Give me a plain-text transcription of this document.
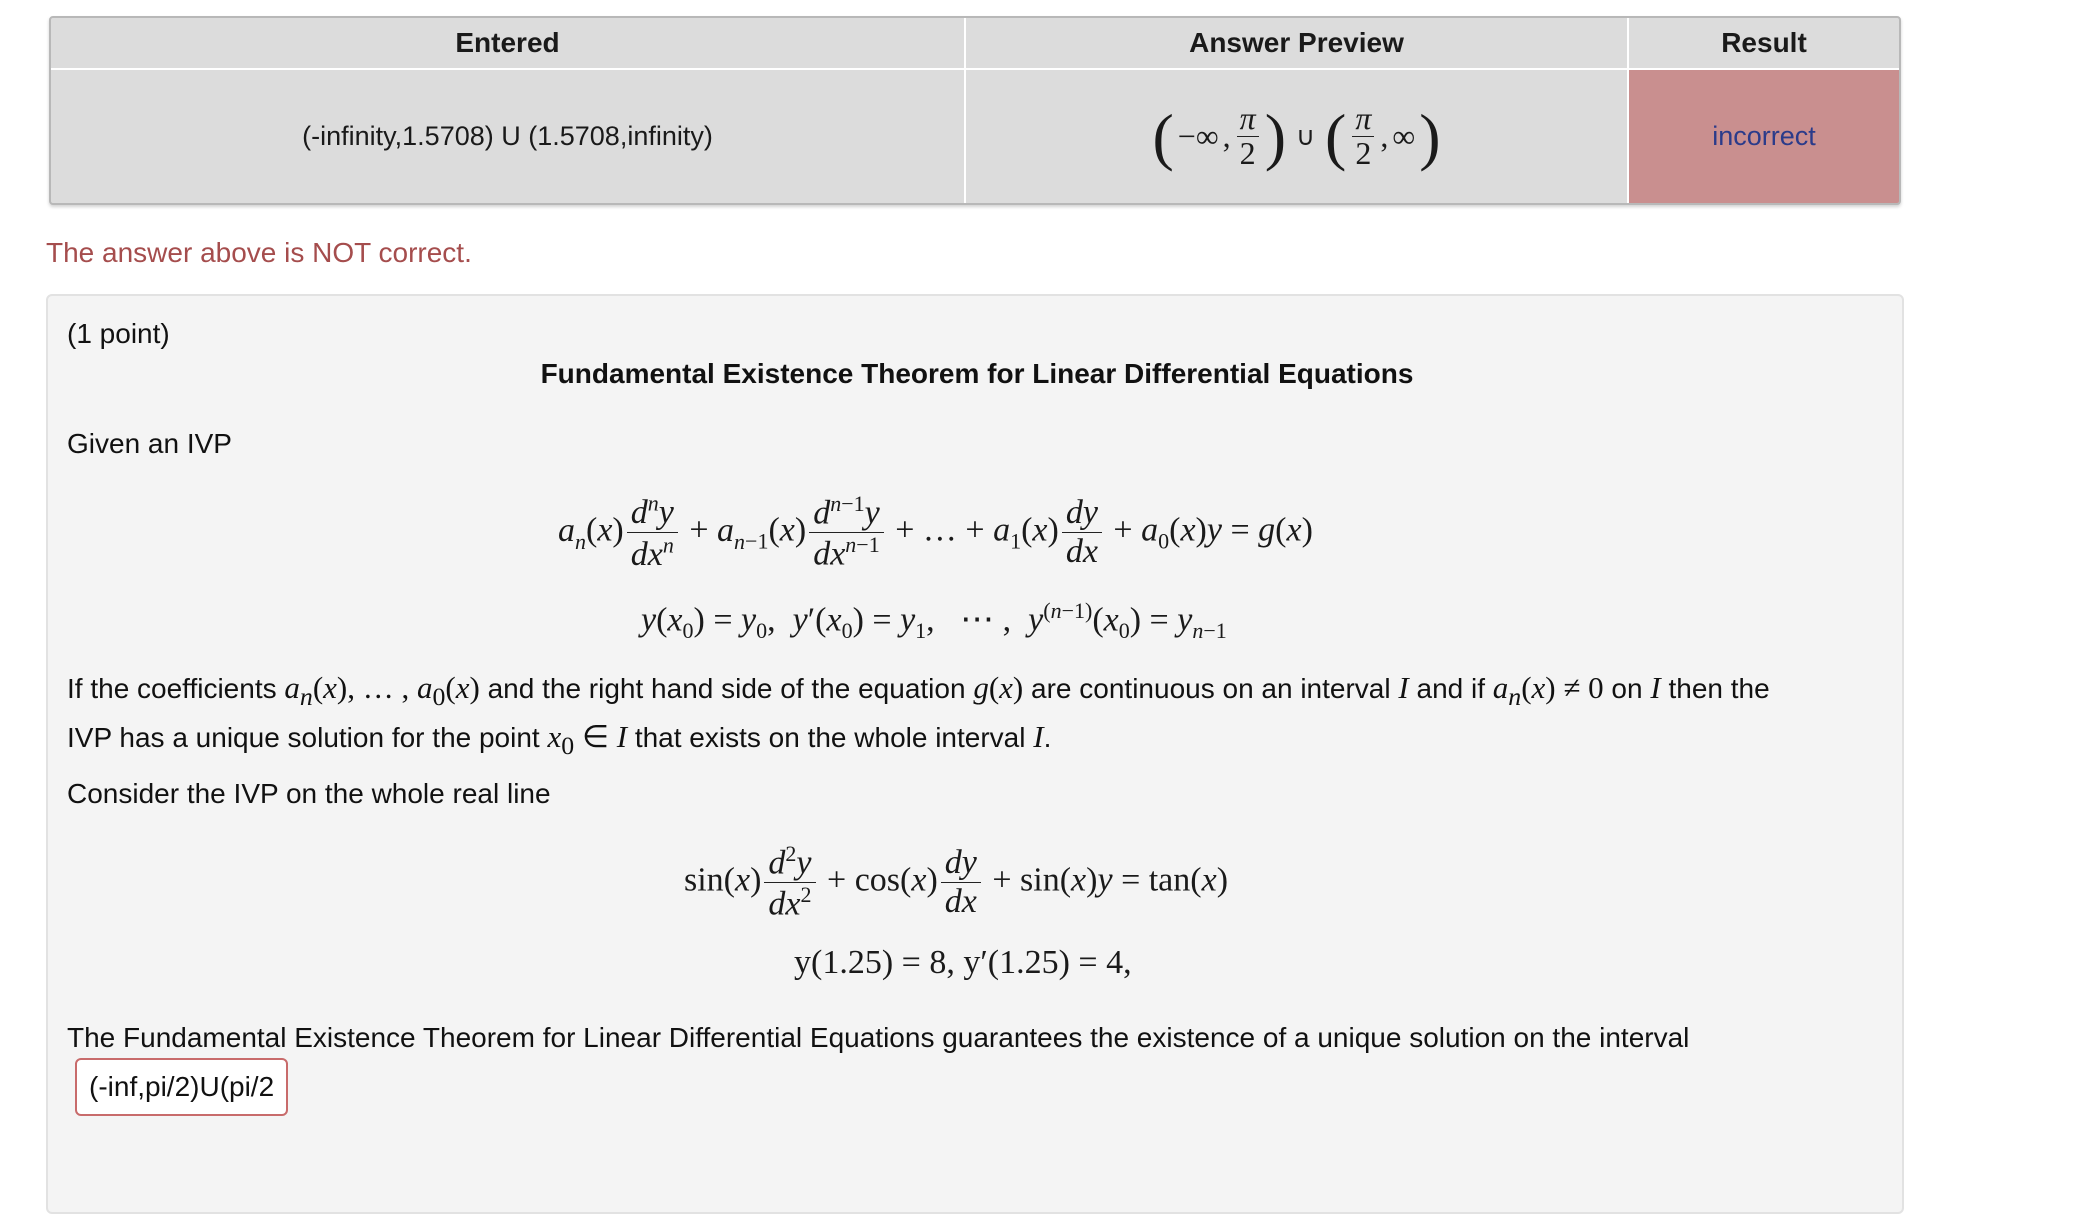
Entered	Answer Preview	Result
(-infinity,1.5708) U (1.5708,infinity)	( −∞ , $\frac{\pi}{2}$ ) ∪ ( $\frac{\pi}{2}$ , ∞ )	incorrect
The answer above is NOT correct.
(1 point)
Fundamental Existence Theorem for Linear Differential Equations
Given an IVP
$a_n(x) \frac{d^ny}{dx^n} + a_{n-1}(x) \frac{d^{n-1}y}{dx^{n-1}}$ + … + $a_1(x) \frac{dy}{dx} + a_0(x)y = g(x)$
$y(x_0) = y_0$,  $y'(x_0) = y_1$,   ⋯ ,  $y^{(n-1)}(x_0) = y_{n-1}$
If the coefficients $a_n(x)$, … , $a_0(x)$ and the right hand side of the equation g(x) are continuous on an interval I and if $a_n(x) \ne 0$ on I then the
IVP has a unique solution for the point $x_0$ ∈ I that exists on the whole interval I.
Consider the IVP on the whole real line
$\sin(x) \frac{d^2y}{dx^2} + \cos(x) \frac{dy}{dx} + \sin(x)y = \tan(x)$
y(1.25) = 8, y′(1.25) = 4,
The Fundamental Existence Theorem for Linear Differential Equations guarantees the existence of a unique solution on the interval
(-inf,pi/2)U(pi/2
